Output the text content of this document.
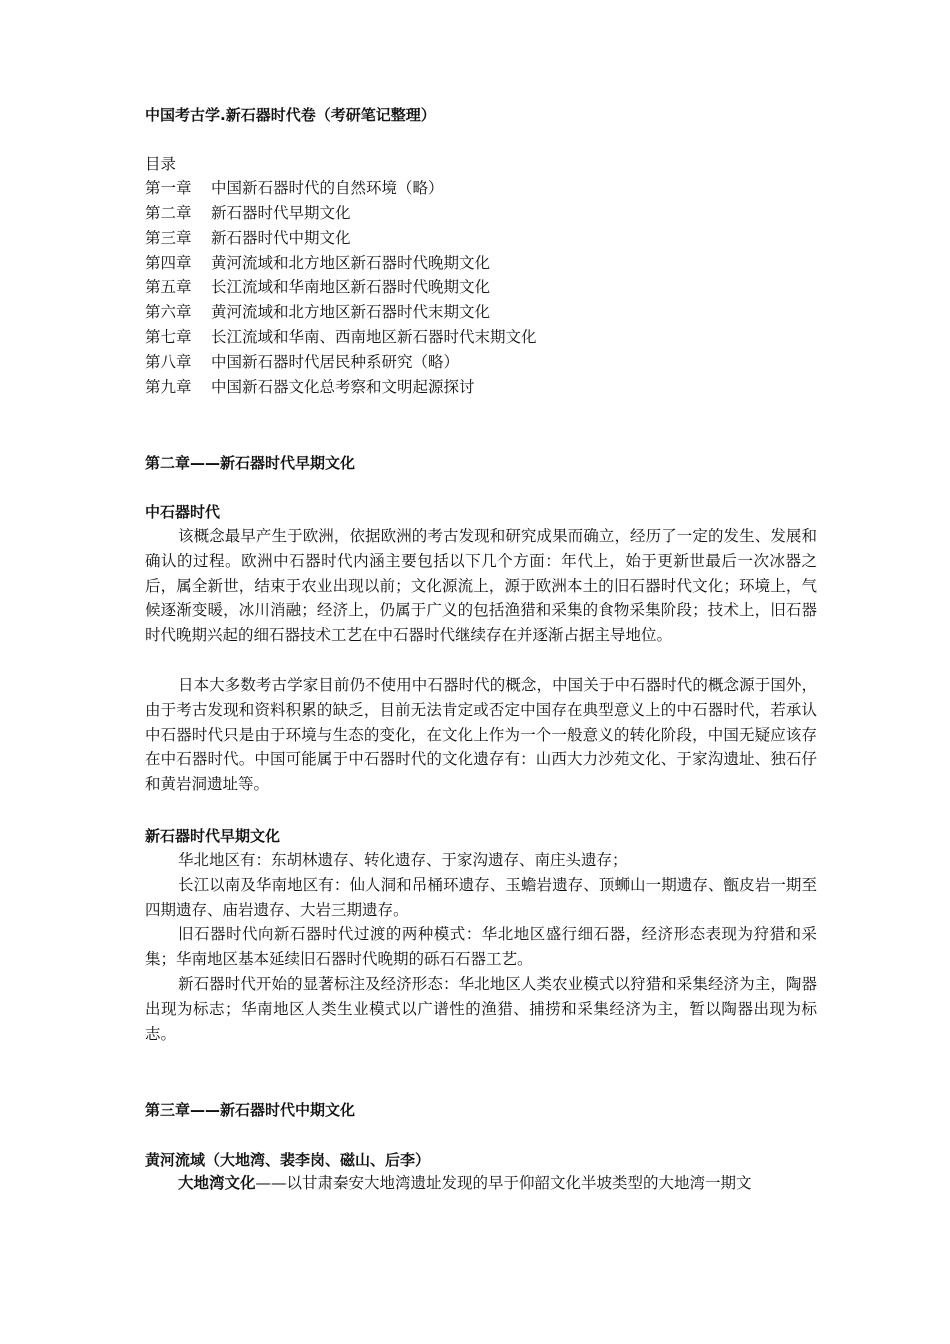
中国考古学.新石器时代卷（考研笔记整理）
目录
第一章 中国新石器时代的自然环境（略）
第二章 新石器时代早期文化
第三章 新石器时代中期文化
第四章 黄河流域和北方地区新石器时代晚期文化
第五章 长江流域和华南地区新石器时代晚期文化
第六章 黄河流域和北方地区新石器时代末期文化
第七章 长江流域和华南、西南地区新石器时代末期文化
第八章 中国新石器时代居民种系研究（略）
第九章 中国新石器文化总考察和文明起源探讨
第二章——新石器时代早期文化
中石器时代
该概念最早产生于欧洲，依据欧洲的考古发现和研究成果而确立，经历了一定的发生、发展和确认的过程。欧洲中石器时代内涵主要包括以下几个方面：年代上，始于更新世最后一次冰器之后，属全新世，结束于农业出现以前；文化源流上，源于欧洲本土的旧石器时代文化；环境上，气候逐渐变暖，冰川消融；经济上，仍属于广义的包括渔猎和采集的食物采集阶段；技术上，旧石器时代晚期兴起的细石器技术工艺在中石器时代继续存在并逐渐占据主导地位。
日本大多数考古学家目前仍不使用中石器时代的概念，中国关于中石器时代的概念源于国外，由于考古发现和资料积累的缺乏，目前无法肯定或否定中国存在典型意义上的中石器时代，若承认中石器时代只是由于环境与生态的变化，在文化上作为一个一般意义的转化阶段，中国无疑应该存在中石器时代。中国可能属于中石器时代的文化遗存有：山西大力沙苑文化、于家沟遗址、独石仔和黄岩洞遗址等。
新石器时代早期文化
华北地区有：东胡林遗存、转化遗存、于家沟遗存、南庄头遗存；
长江以南及华南地区有：仙人洞和吊桶环遗存、玉蟾岩遗存、顶蛳山一期遗存、甑皮岩一期至四期遗存、庙岩遗存、大岩三期遗存。
旧石器时代向新石器时代过渡的两种模式：华北地区盛行细石器，经济形态表现为狩猎和采集；华南地区基本延续旧石器时代晚期的砾石石器工艺。
新石器时代开始的显著标注及经济形态：华北地区人类农业模式以狩猎和采集经济为主，陶器出现为标志；华南地区人类生业模式以广谱性的渔猎、捕捞和采集经济为主，暂以陶器出现为标志。
第三章——新石器时代中期文化
黄河流域（大地湾、裴李岗、磁山、后李）
大地湾文化——以甘肃秦安大地湾遗址发现的早于仰韶文化半坡类型的大地湾一期文
